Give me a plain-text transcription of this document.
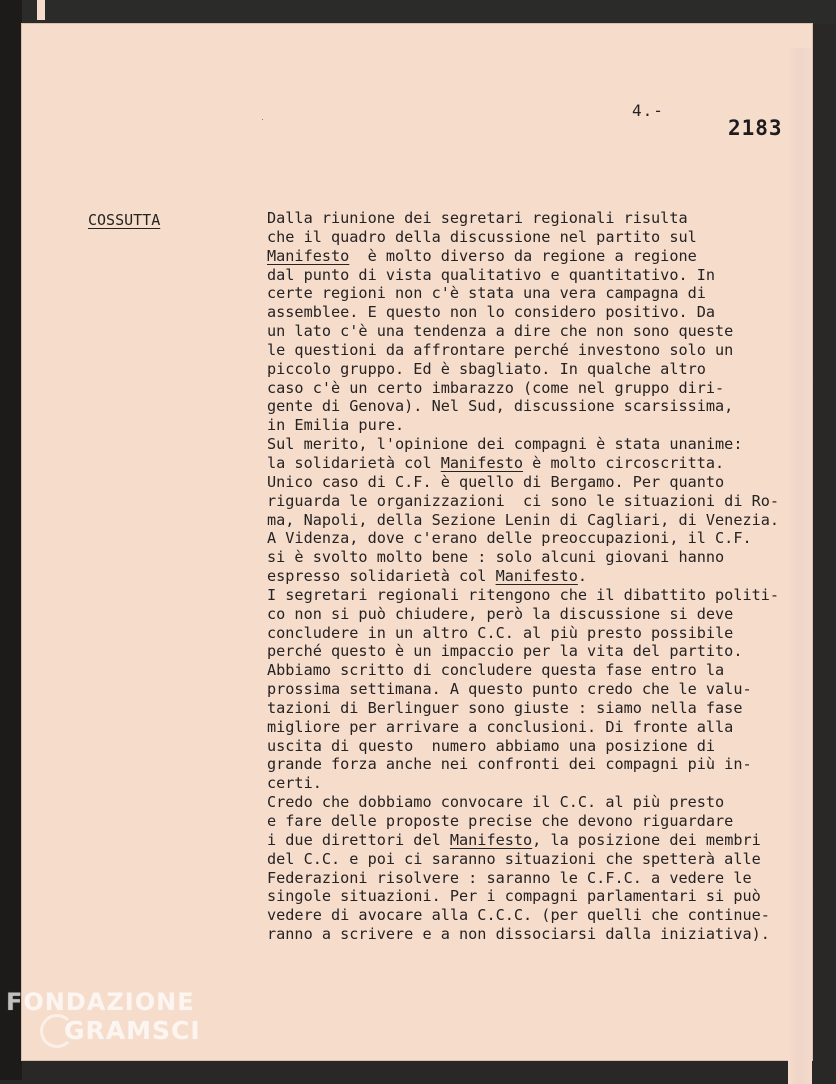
4.-
2183
COSSUTTA	Dalla riunione dei segretari regionali risulta
che il quadro della discussione nel partito sul
Manifesto  è molto diverso da regione a regione
dal punto di vista qualitativo e quantitativo. In
certe regioni non c'è stata una vera campagna di
assemblee. E questo non lo considero positivo. Da
un lato c'è una tendenza a dire che non sono queste
le questioni da affrontare perché investono solo un
piccolo gruppo. Ed è sbagliato. In qualche altro
caso c'è un certo imbarazzo (come nel gruppo diri-
gente di Genova). Nel Sud, discussione scarsissima,
in Emilia pure.
Sul merito, l'opinione dei compagni è stata unanime:
la solidarietà col Manifesto è molto circoscritta.
Unico caso di C.F. è quello di Bergamo. Per quanto
riguarda le organizzazioni  ci sono le situazioni di Ro-
ma, Napoli, della Sezione Lenin di Cagliari, di Venezia.
A Videnza, dove c'erano delle preoccupazioni, il C.F.
si è svolto molto bene : solo alcuni giovani hanno
espresso solidarietà col Manifesto.
I segretari regionali ritengono che il dibattito politi-
co non si può chiudere, però la discussione si deve
concludere in un altro C.C. al più presto possibile
perché questo è un impaccio per la vita del partito.
Abbiamo scritto di concludere questa fase entro la
prossima settimana. A questo punto credo che le valu-
tazioni di Berlinguer sono giuste : siamo nella fase
migliore per arrivare a conclusioni. Di fronte alla
uscita di questo  numero abbiamo una posizione di
grande forza anche nei confronti dei compagni più in-
certi.
Credo che dobbiamo convocare il C.C. al più presto
e fare delle proposte precise che devono riguardare
i due direttori del Manifesto, la posizione dei membri
del C.C. e poi ci saranno situazioni che spetterà alle
Federazioni risolvere : saranno le C.F.C. a vedere le
singole situazioni. Per i compagni parlamentari si può
vedere di avocare alla C.C.C. (per quelli che continue-
ranno a scrivere e a non dissociarsi dalla iniziativa).
FONDAZIONE
GRAMSCI
